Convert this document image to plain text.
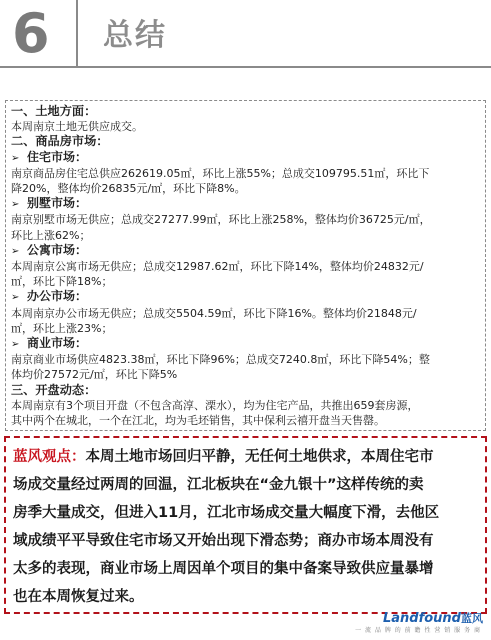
6 总结
一、土地方面：
本周南京土地无供应成交。
二、商品房市场：
➢ 住宅市场：
南京商品房住宅总供应262619.05㎡，环比上涨55%；总成交109795.51㎡，环比下
降20%，整体均价26835元/㎡，环比下降8%。
➢ 别墅市场：
南京别墅市场无供应；总成交27277.99㎡，环比上涨258%，整体均价36725元/㎡，
环比上涨62%；
➢ 公寓市场：
本周南京公寓市场无供应；总成交12987.62㎡，环比下降14%，整体均价24832元/
㎡，环比下降18%；
➢ 办公市场：
本周南京办公市场无供应；总成交5504.59㎡，环比下降16%。整体均价21848元/
㎡，环比上涨23%；
➢ 商业市场：
南京商业市场供应4823.38㎡，环比下降96%；总成交7240.8㎡，环比下降54%；整
体均价27572元/㎡，环比下降5%
三、开盘动态：
本周南京有3个项目开盘（不包含高淳、溧水），均为住宅产品，共推出659套房源，
其中两个在城北，一个在江北，均为毛坯销售，其中保利云禧开盘当天售罄。
蓝风观点：本周土地市场回归平静，无任何土地供求，本周住宅市
场成交量经过两周的回温，江北板块在“金九银十”这样传统的卖
房季大量成交，但进入11月，江北市场成交量大幅度下滑，去他区
域成绩平平导致住宅市场又开始出现下滑态势；商办市场本周没有
太多的表现，商业市场上周因单个项目的集中备案导致供应量暴增
也在本周恢复过来。
Landfound蓝风
一 流 品 牌 的 前 瞻 性 营 销 服 务 商
